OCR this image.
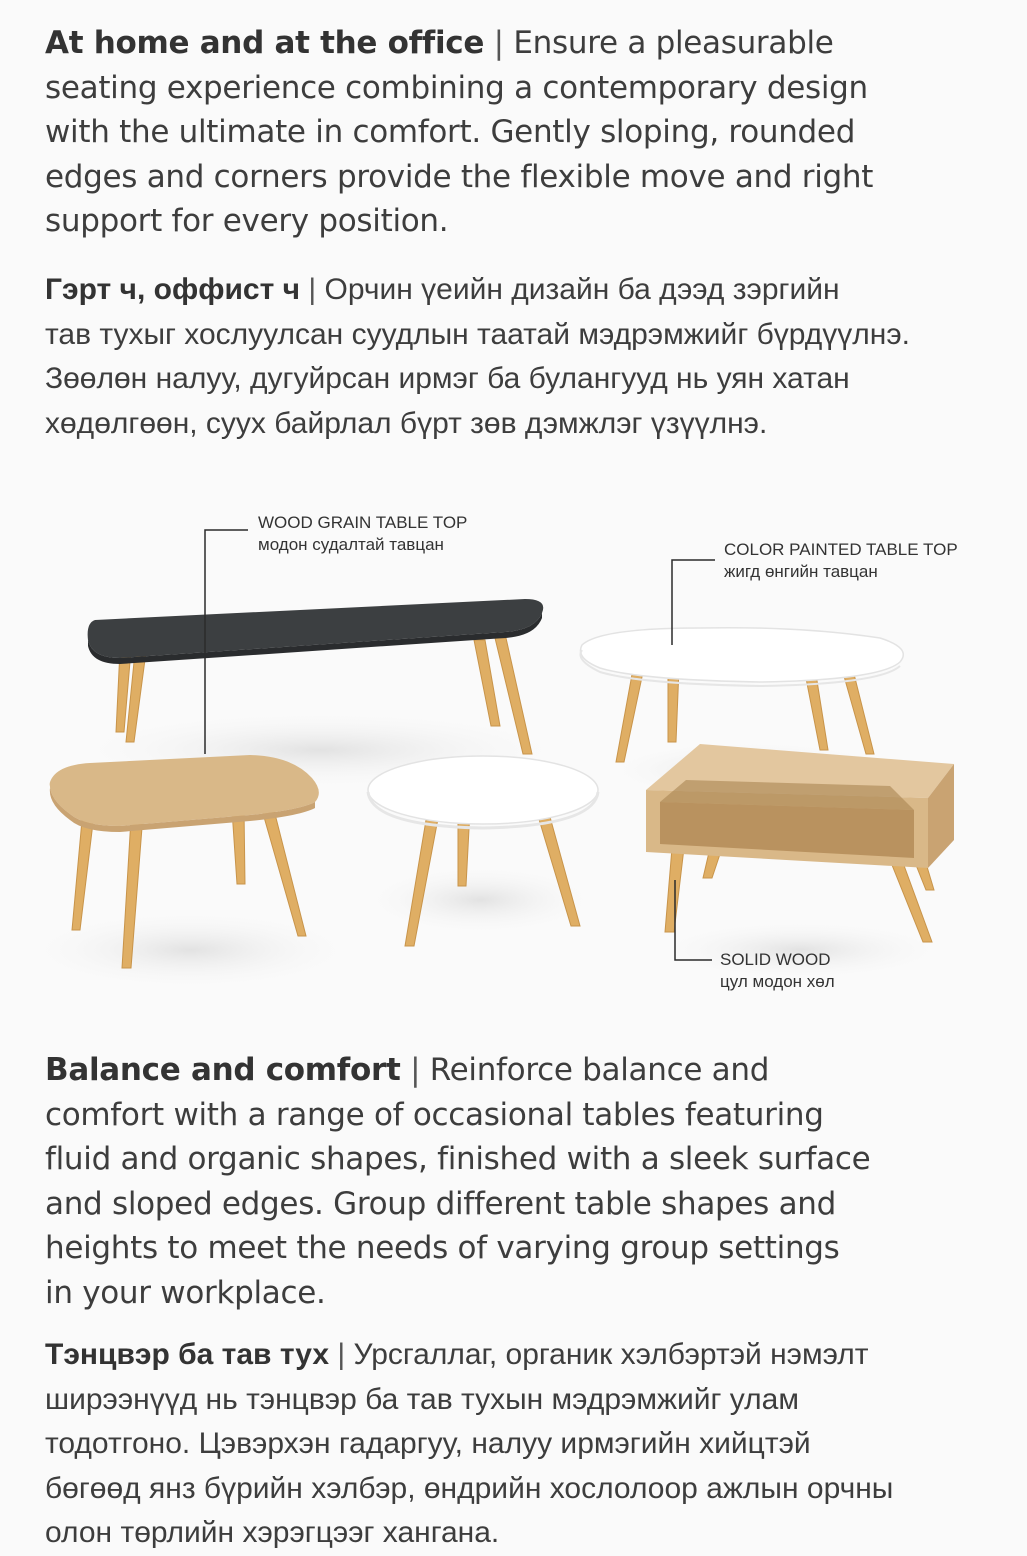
At home and at the office | Ensure a pleasurable
seating experience combining a contemporary design
with the ultimate in comfort. Gently sloping, rounded
edges and corners provide the flexible move and right
support for every position.

Гэрт ч, оффист ч | Орчин үеийн дизайн ба дээд зэргийн
тав тухыг хослуулсан суудлын таатай мэдрэмжийг бүрдүүлнэ.
Зөөлөн налуу, дугуйрсан ирмэг ба булангууд нь уян хатан
хөдөлгөөн, суух байрлал бүрт зөв дэмжлэг үзүүлнэ.

WOOD GRAIN TABLE TOP
модон судалтай тавцан	COLOR PAINTED TABLE TOP
жигд өнгийн тавцан
SOLID WOOD
цул модон хөл

Balance and comfort | Reinforce balance and
comfort with a range of occasional tables featuring
fluid and organic shapes, finished with a sleek surface
and sloped edges. Group different table shapes and
heights to meet the needs of varying group settings
in your workplace.

Тэнцвэр ба тав тух | Урсгаллаг, органик хэлбэртэй нэмэлт
ширээнүүд нь тэнцвэр ба тав тухын мэдрэмжийг улам
тодотгоно. Цэвэрхэн гадаргуу, налуу ирмэгийн хийцтэй
бөгөөд янз бүрийн хэлбэр, өндрийн хослолоор ажлын орчны
олон төрлийн хэрэгцээг хангана.
